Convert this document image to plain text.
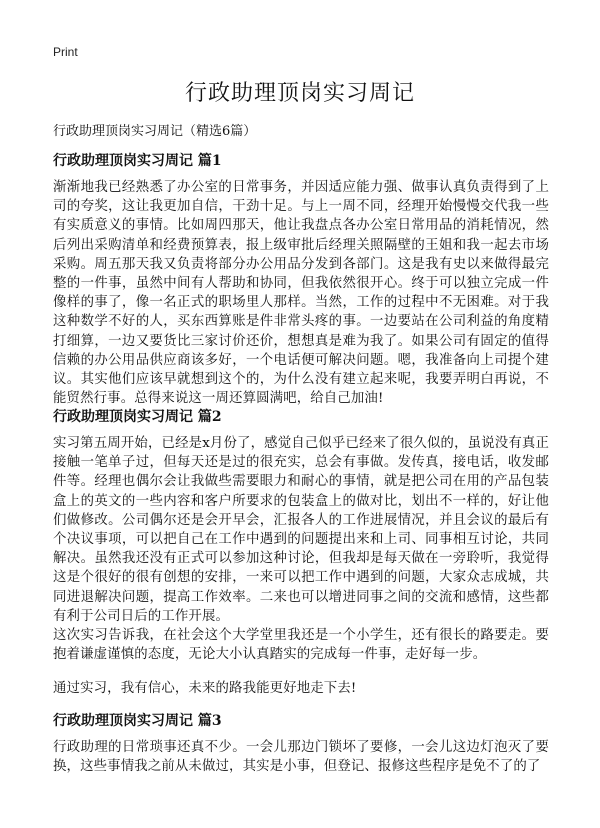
Print
行政助理顶岗实习周记
行政助理顶岗实习周记（精选6篇）
行政助理顶岗实习周记 篇1
渐渐地我已经熟悉了办公室的日常事务，并因适应能力强、做事认真负责得到了上司的夸奖，这让我更加自信，干劲十足。与上一周不同，经理开始慢慢交代我一些有实质意义的事情。比如周四那天，他让我盘点各办公室日常用品的消耗情况，然后列出采购清单和经费预算表，报上级审批后经理关照隔壁的王姐和我一起去市场采购。周五那天我又负责将部分办公用品分发到各部门。这是我有史以来做得最完整的一件事，虽然中间有人帮助和协同，但我依然很开心。终于可以独立完成一件像样的事了，像一名正式的职场里人那样。当然，工作的过程中不无困难。对于我这种数学不好的人，买东西算账是件非常头疼的事。一边要站在公司利益的角度精打细算，一边又要货比三家讨价还价，想想真是难为我了。如果公司有固定的值得信赖的办公用品供应商该多好，一个电话便可解决问题。嗯，我准备向上司提个建议。其实他们应该早就想到这个的，为什么没有建立起来呢，我要弄明白再说，不能贸然行事。总得来说这一周还算圆满吧，给自己加油!
行政助理顶岗实习周记 篇2
实习第五周开始，已经是x月份了，感觉自己似乎已经来了很久似的，虽说没有真正接触一笔单子过，但每天还是过的很充实，总会有事做。发传真，接电话，收发邮件等。经理也偶尔会让我做些需要眼力和耐心的事情，就是把公司在用的产品包装盒上的英文的一些内容和客户所要求的包装盒上的做对比，划出不一样的，好让他们做修改。公司偶尔还是会开早会，汇报各人的工作进展情况，并且会议的最后有个决议事项，可以把自己在工作中遇到的问题提出来和上司、同事相互讨论，共同解决。虽然我还没有正式可以参加这种讨论，但我却是每天做在一旁聆听，我觉得这是个很好的很有创想的安排，一来可以把工作中遇到的问题，大家众志成城，共同进退解决问题，提高工作效率。二来也可以增进同事之间的交流和感情，这些都有利于公司日后的工作开展。
这次实习告诉我，在社会这个大学堂里我还是一个小学生，还有很长的路要走。要抱着谦虚谨慎的态度，无论大小认真踏实的完成每一件事，走好每一步。
通过实习，我有信心，未来的路我能更好地走下去!
行政助理顶岗实习周记 篇3
行政助理的日常琐事还真不少。一会儿那边门锁坏了要修，一会儿这边灯泡灭了要换，这些事情我之前从未做过，其实是小事，但登记、报修这些程序是免不了的了
